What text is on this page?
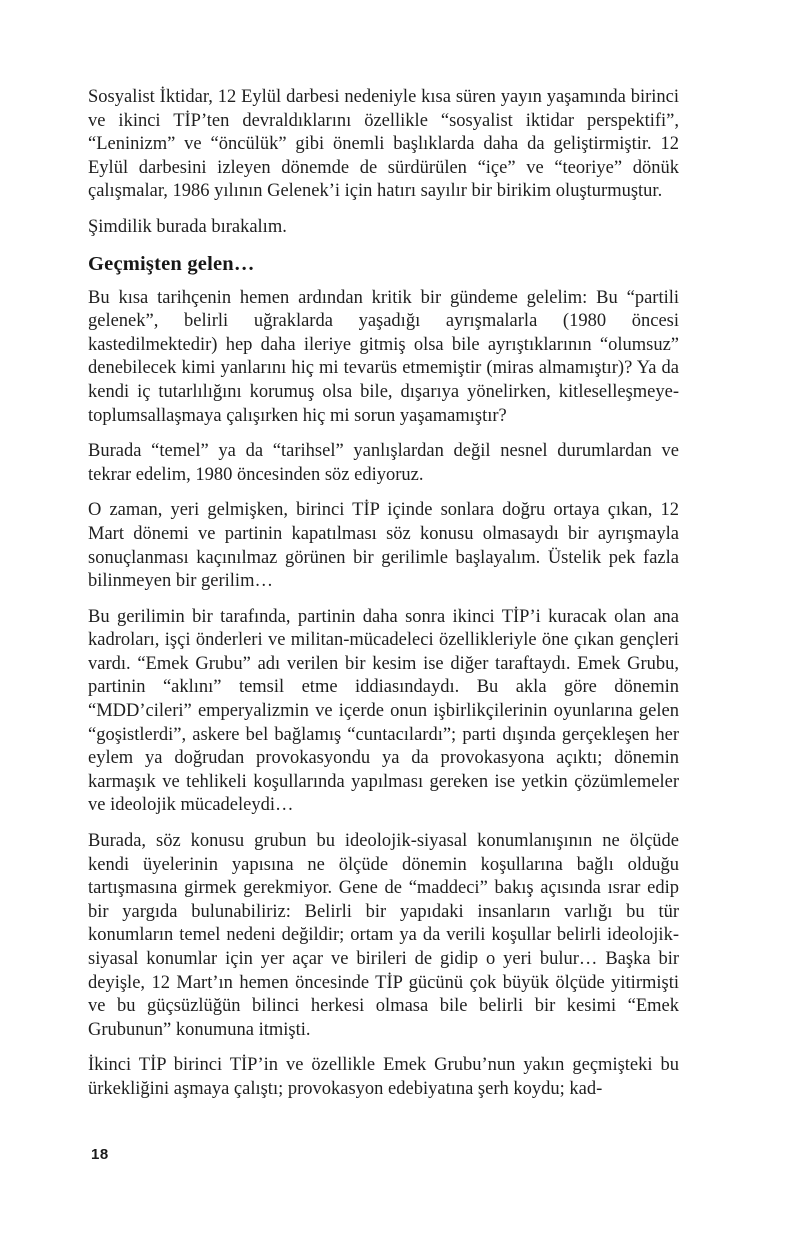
Sosyalist İktidar, 12 Eylül darbesi nedeniyle kısa süren yayın yaşamında birinci ve ikinci TİP’ten devraldıklarını özellikle “sosyalist iktidar perspektifi”, “Leninizm” ve “öncülük” gibi önemli başlıklarda daha da geliştirmiştir. 12 Eylül darbesini izleyen dönemde de sürdürülen “içe” ve “teoriye” dönük çalışmalar, 1986 yılının Gelenek’i için hatırı sayılır bir birikim oluşturmuştur.

Şimdilik burada bırakalım.

Geçmişten gelen…

Bu kısa tarihçenin hemen ardından kritik bir gündeme gelelim: Bu “partili gelenek”, belirli uğraklarda yaşadığı ayrışmalarla (1980 öncesi kastedilmektedir) hep daha ileriye gitmiş olsa bile ayrıştıklarının “olumsuz” denebilecek kimi yanlarını hiç mi tevarüs etmemiştir (miras almamıştır)? Ya da kendi iç tutarlılığını korumuş olsa bile, dışarıya yönelirken, kitleselleşmeye-toplumsallaşmaya çalışırken hiç mi sorun yaşamamıştır?

Burada “temel” ya da “tarihsel” yanlışlardan değil nesnel durumlardan ve tekrar edelim, 1980 öncesinden söz ediyoruz.

O zaman, yeri gelmişken, birinci TİP içinde sonlara doğru ortaya çıkan, 12 Mart dönemi ve partinin kapatılması söz konusu olmasaydı bir ayrışmayla sonuçlanması kaçınılmaz görünen bir gerilimle başlayalım. Üstelik pek fazla bilinmeyen bir gerilim…

Bu gerilimin bir tarafında, partinin daha sonra ikinci TİP’i kuracak olan ana kadroları, işçi önderleri ve militan-mücadeleci özellikleriyle öne çıkan gençleri vardı. “Emek Grubu” adı verilen bir kesim ise diğer taraftaydı. Emek Grubu, partinin “aklını” temsil etme iddiasındaydı. Bu akla göre dönemin “MDD’cileri” emperyalizmin ve içerde onun işbirlikçilerinin oyunlarına gelen “goşistlerdi”, askere bel bağlamış “cuntacılardı”; parti dışında gerçekleşen her eylem ya doğrudan provokasyondu ya da provokasyona açıktı; dönemin karmaşık ve tehlikeli koşullarında yapılması gereken ise yetkin çözümlemeler ve ideolojik mücadeleydi…

Burada, söz konusu grubun bu ideolojik-siyasal konumlanışının ne ölçüde kendi üyelerinin yapısına ne ölçüde dönemin koşullarına bağlı olduğu tartışmasına girmek gerekmiyor. Gene de “maddeci” bakış açısında ısrar edip bir yargıda bulunabiliriz: Belirli bir yapıdaki insanların varlığı bu tür konumların temel nedeni değildir; ortam ya da verili koşullar belirli ideolojik-siyasal konumlar için yer açar ve birileri de gidip o yeri bulur… Başka bir deyişle, 12 Mart’ın hemen öncesinde TİP gücünü çok büyük ölçüde yitirmişti ve bu güçsüzlüğün bilinci herkesi olmasa bile belirli bir kesimi “Emek Grubunun” konumuna itmişti.

İkinci TİP birinci TİP’in ve özellikle Emek Grubu’nun yakın geçmişteki bu ürkekliğini aşmaya çalıştı; provokasyon edebiyatına şerh koydu; kad-

18
